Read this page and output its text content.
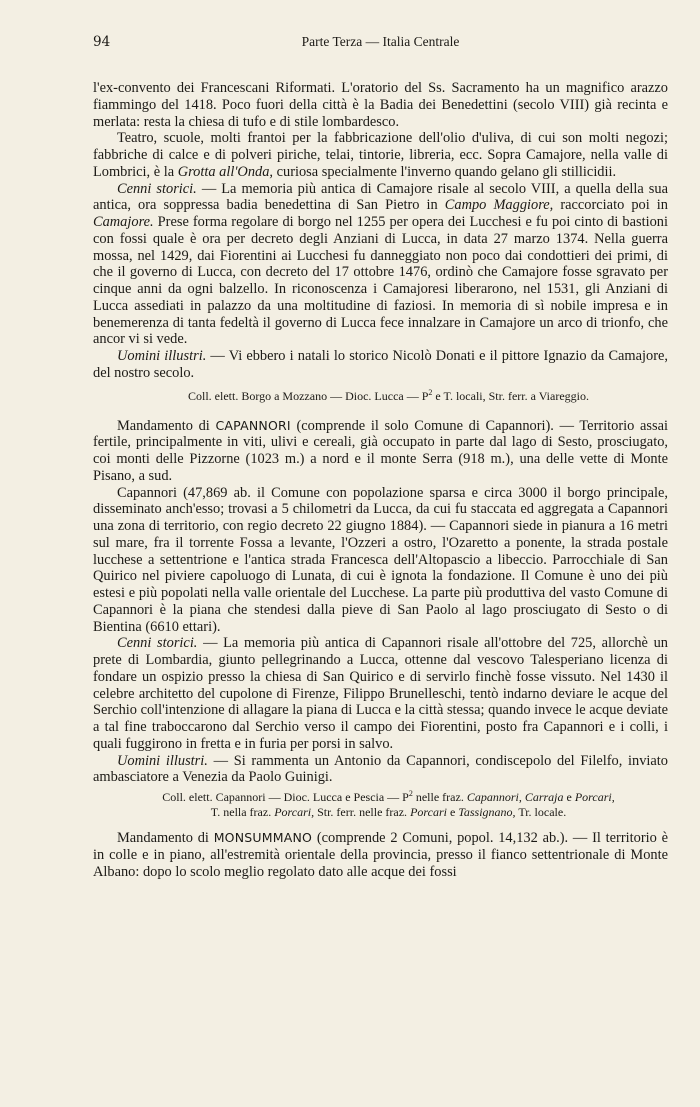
94	Parte Terza — Italia Centrale

l'ex-convento dei Francescani Riformati. L'oratorio del Ss. Sacramento ha un magnifico arazzo fiammingo del 1418. Poco fuori della città è la Badia dei Benedettini (secolo VIII) già recinta e merlata: resta la chiesa di tufo e di stile lombardesco.

Teatro, scuole, molti frantoi per la fabbricazione dell'olio d'uliva, di cui son molti negozi; fabbriche di calce e di polveri piriche, telai, tintorie, libreria, ecc. Sopra Camajore, nella valle di Lombrici, è la Grotta all'Onda, curiosa specialmente l'inverno quando gelano gli stillicidii.

Cenni storici. — La memoria più antica di Camajore risale al secolo VIII, a quella della sua antica, ora soppressa badia benedettina di San Pietro in Campo Maggiore, raccorciato poi in Camajore. Prese forma regolare di borgo nel 1255 per opera dei Lucchesi e fu poi cinto di bastioni con fossi quale è ora per decreto degli Anziani di Lucca, in data 27 marzo 1374. Nella guerra mossa, nel 1429, dai Fiorentini ai Lucchesi fu danneggiato non poco dai condottieri dei primi, di che il governo di Lucca, con decreto del 17 ottobre 1476, ordinò che Camajore fosse sgravato per cinque anni da ogni balzello. In riconoscenza i Camajoresi liberarono, nel 1531, gli Anziani di Lucca assediati in palazzo da una moltitudine di faziosi. In memoria di sì nobile impresa e in benemerenza di tanta fedeltà il governo di Lucca fece innalzare in Camajore un arco di trionfo, che ancor vi si vede.

Uomini illustri. — Vi ebbero i natali lo storico Nicolò Donati e il pittore Ignazio da Camajore, del nostro secolo.

Coll. elett. Borgo a Mozzano — Dioc. Lucca — $P^2$ e T. locali, Str. ferr. a Viareggio.

Mandamento di CAPANNORI (comprende il solo Comune di Capannori). — Territorio assai fertile, principalmente in viti, ulivi e cereali, già occupato in parte dal lago di Sesto, prosciugato, coi monti delle Pizzorne (1023 m.) a nord e il monte Serra (918 m.), una delle vette di Monte Pisano, a sud.

Capannori (47,869 ab. il Comune con popolazione sparsa e circa 3000 il borgo principale, disseminato anch'esso; trovasi a 5 chilometri da Lucca, da cui fu staccata ed aggregata a Capannori una zona di territorio, con regio decreto 22 giugno 1884). — Capannori siede in pianura a 16 metri sul mare, fra il torrente Fossa a levante, l'Ozzeri a ostro, l'Ozaretto a ponente, la strada postale lucchese a settentrione e l'antica strada Francesca dell'Altopascio a libeccio. Parrocchiale di San Quirico nel piviere capoluogo di Lunata, di cui è ignota la fondazione. Il Comune è uno dei più estesi e più popolati nella valle orientale del Lucchese. La parte più produttiva del vasto Comune di Capannori è la piana che stendesi dalla pieve di San Paolo al lago prosciugato di Sesto o di Bientina (6610 ettari).

Cenni storici. — La memoria più antica di Capannori risale all'ottobre del 725, allorchè un prete di Lombardia, giunto pellegrinando a Lucca, ottenne dal vescovo Talesperiano licenza di fondare un ospizio presso la chiesa di San Quirico e di servirlo finchè fosse vissuto. Nel 1430 il celebre architetto del cupolone di Firenze, Filippo Brunelleschi, tentò indarno deviare le acque del Serchio coll'intenzione di allagare la piana di Lucca e la città stessa; quando invece le acque deviate a tal fine traboccarono dal Serchio verso il campo dei Fiorentini, posto fra Capannori e i colli, i quali fuggirono in fretta e in furia per porsi in salvo.

Uomini illustri. — Si rammenta un Antonio da Capannori, condiscepolo del Filelfo, inviato ambasciatore a Venezia da Paolo Guinigi.

Coll. elett. Capannori — Dioc. Lucca e Pescia — $P^2$ nelle fraz. Capannori, Carraja e Porcari,
T. nella fraz. Porcari, Str. ferr. nelle fraz. Porcari e Tassignano, Tr. locale.

Mandamento di MONSUMMANO (comprende 2 Comuni, popol. 14,132 ab.). — Il territorio è in colle e in piano, all'estremità orientale della provincia, presso il fianco settentrionale di Monte Albano: dopo lo scolo meglio regolato dato alle acque dei fossi
